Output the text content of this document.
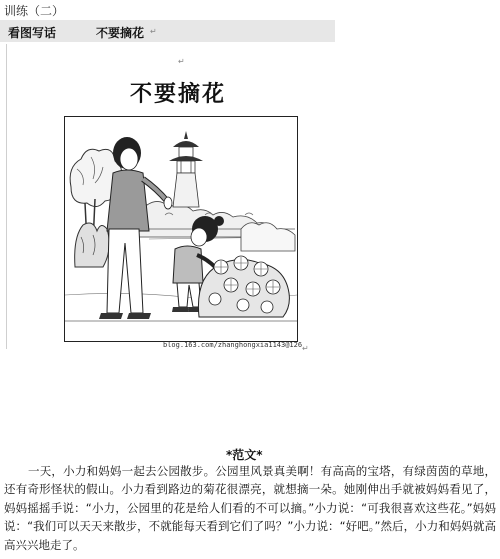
训练（二）
看图写话	不要摘花 ↵
↵
↵
不要摘花
blog.163.com/zhanghongxia1143@126
*范文*
一天，小力和妈妈一起去公园散步。公园里风景真美啊！有高高的宝塔，有绿茵茵的草地，还有奇形怪状的假山。小力看到路边的菊花很漂亮，就想摘一朵。她刚伸出手就被妈妈看见了，妈妈摇摇手说：“小力，公园里的花是给人们看的不可以摘。”小力说：“可我很喜欢这些花。”妈妈说：“我们可以天天来散步，不就能每天看到它们了吗？”小力说：“好吧。”然后，小力和妈妈就高高兴兴地走了。
